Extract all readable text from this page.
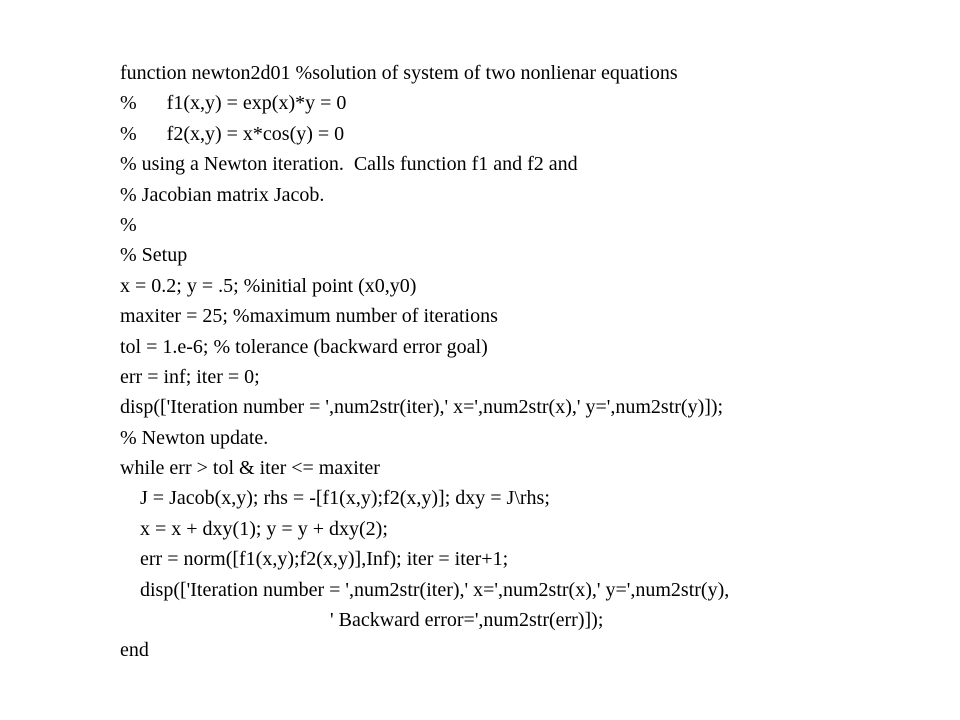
function newton2d01 %solution of system of two nonlienar equations
%      f1(x,y) = exp(x)*y = 0
%      f2(x,y) = x*cos(y) = 0
% using a Newton iteration.  Calls function f1 and f2 and
% Jacobian matrix Jacob.
%
% Setup
x = 0.2; y = .5; %initial point (x0,y0)
maxiter = 25; %maximum number of iterations
tol = 1.e-6; % tolerance (backward error goal)
err = inf; iter = 0;
disp(['Iteration number = ',num2str(iter),' x=',num2str(x),' y=',num2str(y)]);
% Newton update.
while err > tol & iter <= maxiter
J = Jacob(x,y); rhs = -[f1(x,y);f2(x,y)]; dxy = J\rhs;
x = x + dxy(1); y = y + dxy(2);
err = norm([f1(x,y);f2(x,y)],Inf); iter = iter+1;
disp(['Iteration number = ',num2str(iter),' x=',num2str(x),' y=',num2str(y),
' Backward error=',num2str(err)]);
end
